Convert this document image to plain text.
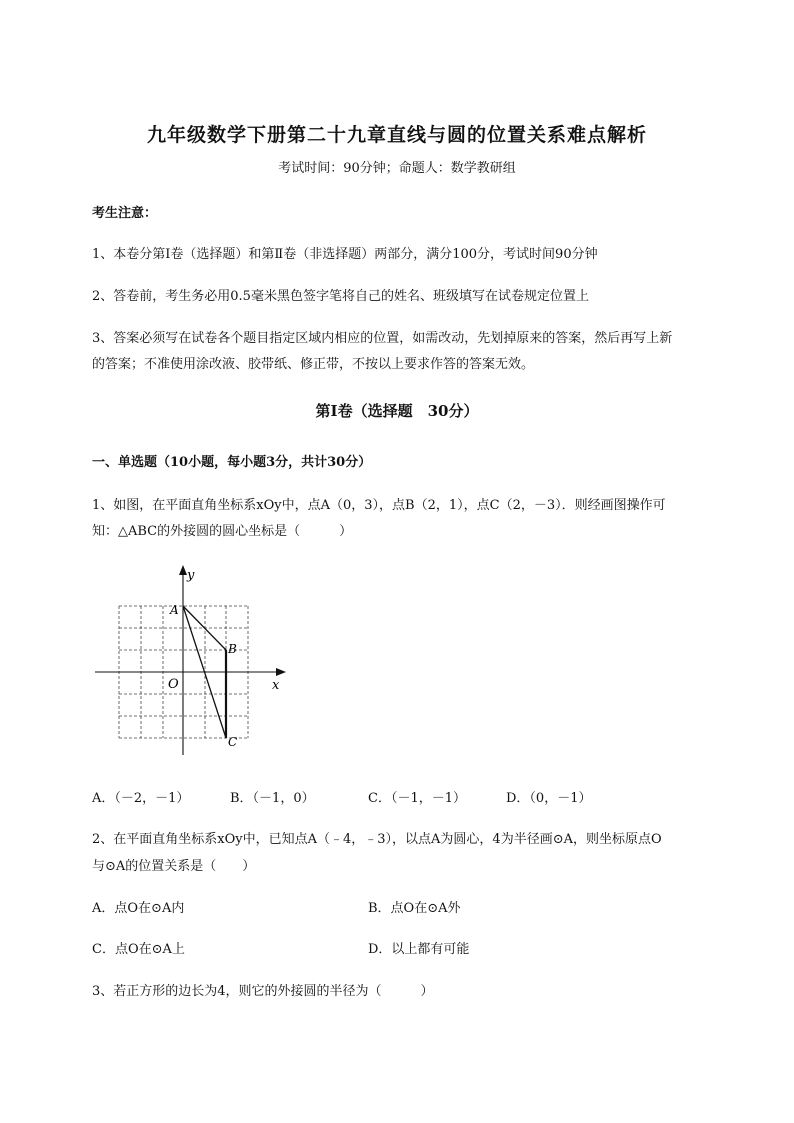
九年级数学下册第二十九章直线与圆的位置关系难点解析
考试时间：90分钟；命题人：数学教研组
考生注意：
1、本卷分第I卷（选择题）和第Ⅱ卷（非选择题）两部分，满分100分，考试时间90分钟
2、答卷前，考生务必用0.5毫米黑色签字笔将自己的姓名、班级填写在试卷规定位置上
3、答案必须写在试卷各个题目指定区域内相应的位置，如需改动，先划掉原来的答案，然后再写上新
的答案；不准使用涂改液、胶带纸、修正带，不按以上要求作答的答案无效。
第I卷（选择题　30分）
一、单选题（10小题，每小题3分，共计30分）
1、如图，在平面直角坐标系xOy中，点A（0，3），点B（2，1），点C（2，－3）．则经画图操作可
知：△ABC的外接圆的圆心坐标是（　　　）
y
x
O
A
B
C
A．（－2，－1）	B．（－1，0）	C．（－1，－1）	D．（0，－1）
2、在平面直角坐标系xOy中，已知点A（﹣4，﹣3），以点A为圆心，4为半径画⊙A，则坐标原点O
与⊙A的位置关系是（　　）
A．点O在⊙A内	B．点O在⊙A外
C．点O在⊙A上	D．以上都有可能
3、若正方形的边长为4，则它的外接圆的半径为（　　　）
